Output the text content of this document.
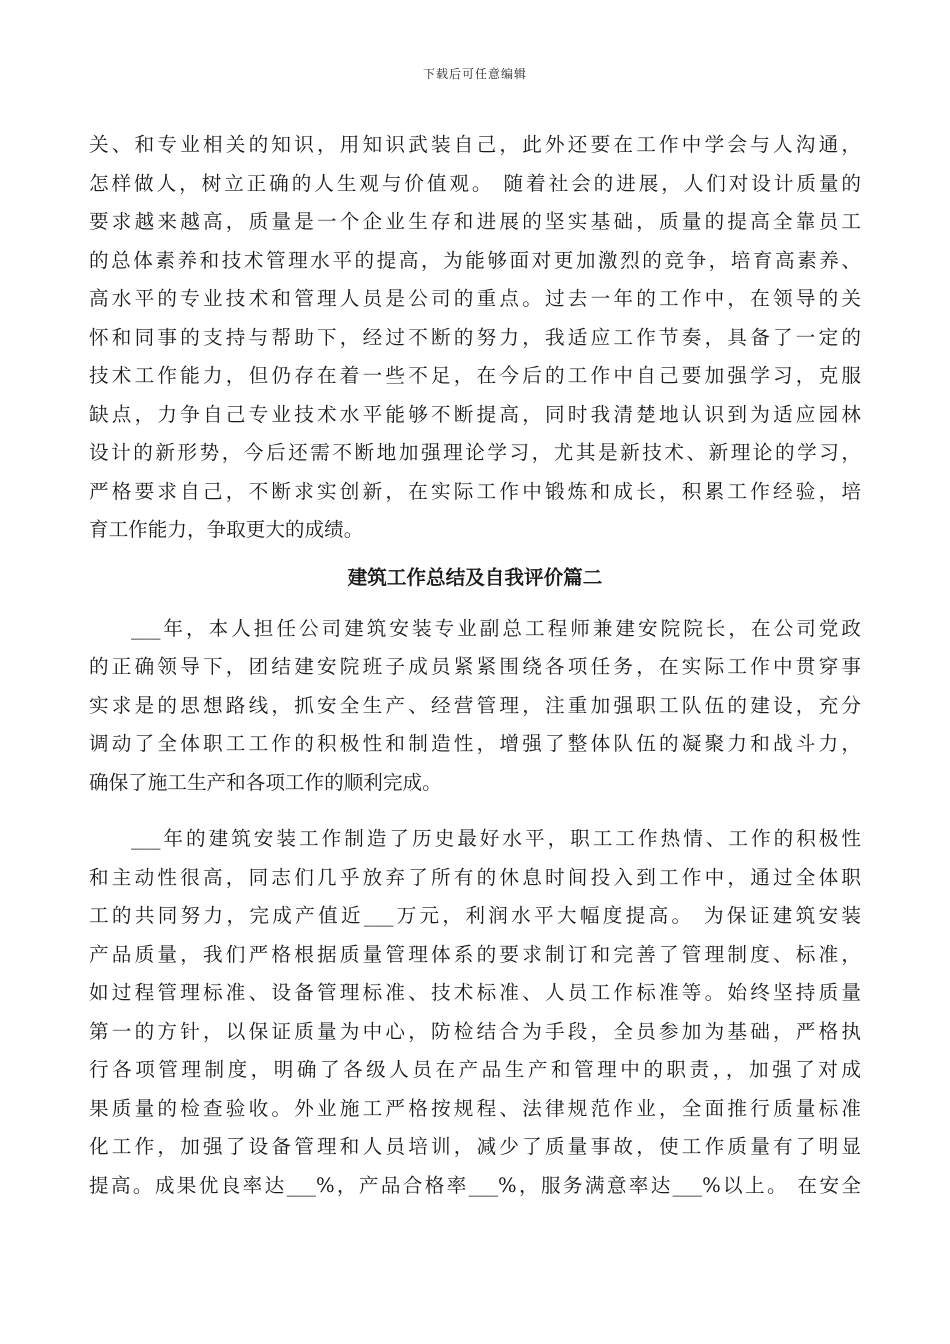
下载后可任意编辑
关、和专业相关的知识，用知识武装自己，此外还要在工作中学会与人沟通，
怎样做人，树立正确的人生观与价值观。 随着社会的进展，人们对设计质量的
要求越来越高，质量是一个企业生存和进展的坚实基础，质量的提高全靠员工
的总体素养和技术管理水平的提高，为能够面对更加激烈的竞争，培育高素养、
高水平的专业技术和管理人员是公司的重点。过去一年的工作中，在领导的关
怀和同事的支持与帮助下，经过不断的努力，我适应工作节奏，具备了一定的
技术工作能力，但仍存在着一些不足，在今后的工作中自己要加强学习，克服
缺点，力争自己专业技术水平能够不断提高，同时我清楚地认识到为适应园林
设计的新形势，今后还需不断地加强理论学习，尤其是新技术、新理论的学习，
严格要求自己，不断求实创新，在实际工作中锻炼和成长，积累工作经验，培
育工作能力，争取更大的成绩。
建筑工作总结及自我评价篇二
___年，本人担任公司建筑安装专业副总工程师兼建安院院长，在公司党政
的正确领导下，团结建安院班子成员紧紧围绕各项任务，在实际工作中贯穿事
实求是的思想路线，抓安全生产、经营管理，注重加强职工队伍的建设，充分
调动了全体职工工作的积极性和制造性，增强了整体队伍的凝聚力和战斗力，
确保了施工生产和各项工作的顺利完成。
___年的建筑安装工作制造了历史最好水平，职工工作热情、工作的积极性
和主动性很高，同志们几乎放弃了所有的休息时间投入到工作中，通过全体职
工的共同努力，完成产值近___万元，利润水平大幅度提高。 为保证建筑安装
产品质量，我们严格根据质量管理体系的要求制订和完善了管理制度、标准，
如过程管理标准、设备管理标准、技术标准、人员工作标准等。始终坚持质量
第一的方针，以保证质量为中心，防检结合为手段，全员参加为基础，严格执
行各项管理制度，明确了各级人员在产品生产和管理中的职责，，加强了对成
果质量的检查验收。外业施工严格按规程、法律规范作业，全面推行质量标准
化工作，加强了设备管理和人员培训，减少了质量事故，使工作质量有了明显
提高。成果优良率达___%，产品合格率___%，服务满意率达___%以上。 在安全
